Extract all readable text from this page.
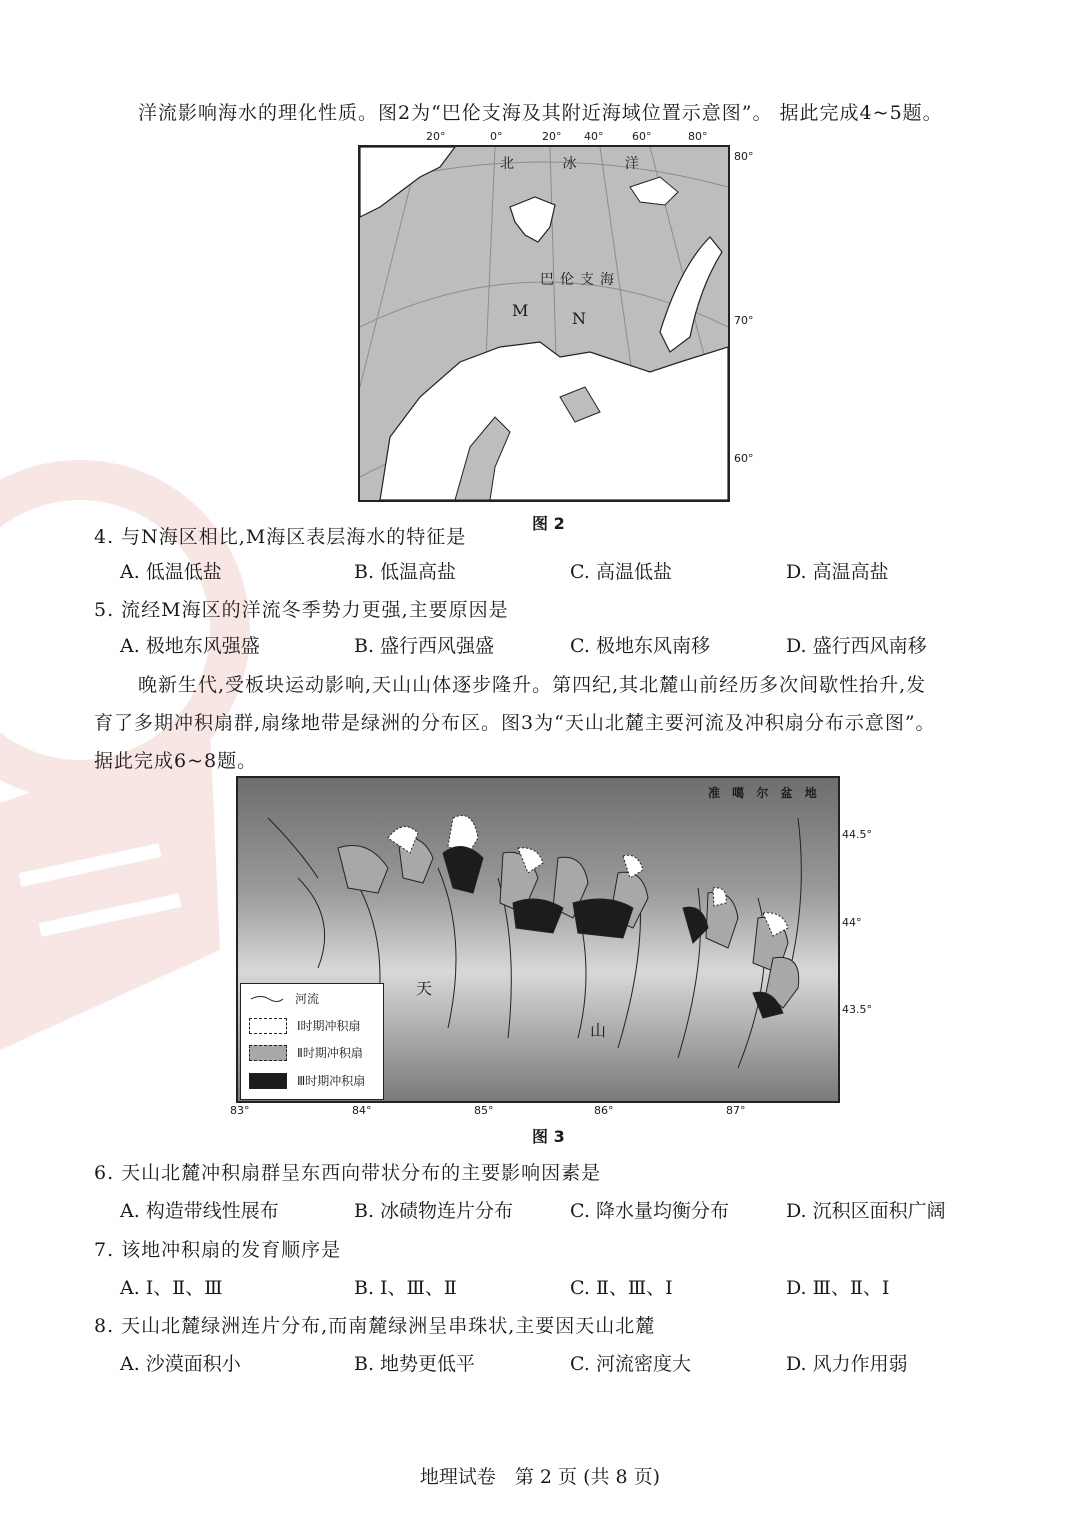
洋流影响海水的理化性质。图2为“巴伦支海及其附近海域位置示意图”。 据此完成4~5题。
20°	0°	20° 40°	60°	80°
北 冰 洋
巴伦支海
M N
80°
70°
60°
图 2
4. 与N海区相比,M海区表层海水的特征是
A. 低温低盐	B. 低温高盐	C. 高温低盐	D. 高温高盐
5. 流经M海区的洋流冬季势力更强,主要原因是
A. 极地东风强盛	B. 盛行西风强盛	C. 极地东风南移	D. 盛行西风南移
晚新生代,受板块运动影响,天山山体逐步隆升。第四纪,其北麓山前经历多次间歇性抬升,发
育了多期冲积扇群,扇缘地带是绿洲的分布区。图3为“天山北麓主要河流及冲积扇分布示意图”。
据此完成6~8题。
准 噶 尔 盆 地
天
山
河流
Ⅰ时期冲积扇
Ⅱ时期冲积扇
Ⅲ时期冲积扇
44.5°
44°
43.5°
83°	84°	85°	86°	87°
图 3
6. 天山北麓冲积扇群呈东西向带状分布的主要影响因素是
A. 构造带线性展布	B. 冰碛物连片分布	C. 降水量均衡分布	D. 沉积区面积广阔
7. 该地冲积扇的发育顺序是
A. Ⅰ、Ⅱ、Ⅲ	B. Ⅰ、Ⅲ、Ⅱ	C. Ⅱ、Ⅲ、Ⅰ	D. Ⅲ、Ⅱ、Ⅰ
8. 天山北麓绿洲连片分布,而南麓绿洲呈串珠状,主要因天山北麓
A. 沙漠面积小	B. 地势更低平	C. 河流密度大	D. 风力作用弱
地理试卷　第 2 页 (共 8 页)
